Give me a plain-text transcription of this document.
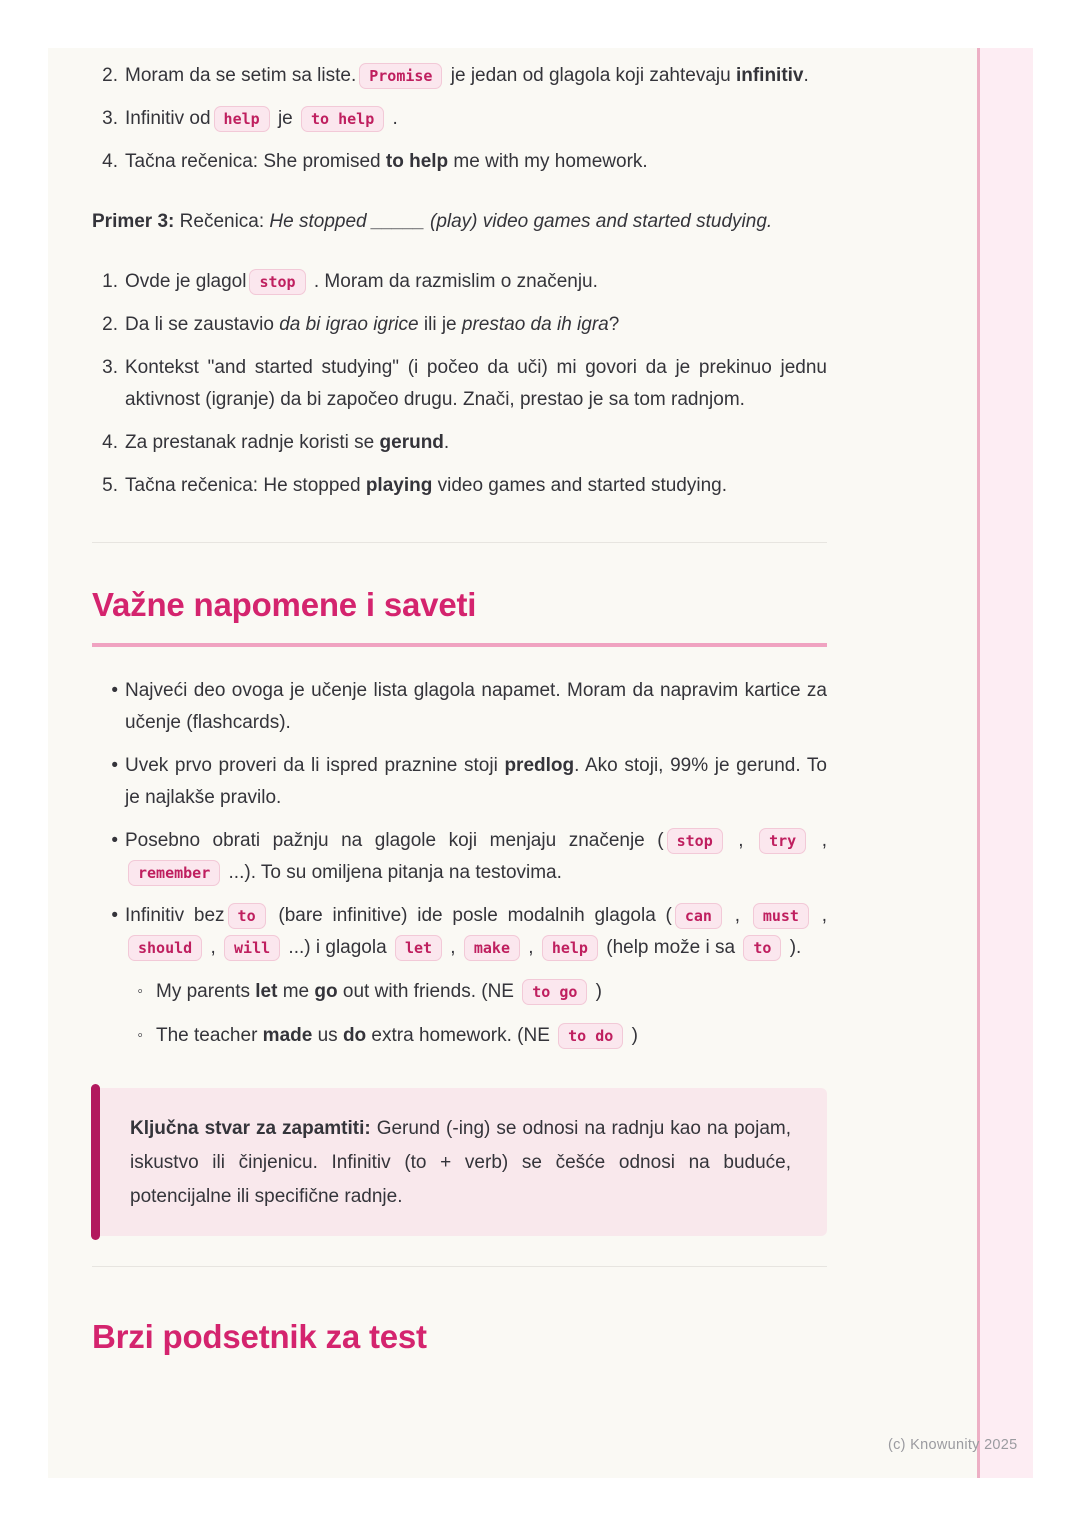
2. Moram da se setim sa liste. Promise je jedan od glagola koji zahtevaju infinitiv.
3. Infinitiv od help je to help .
4. Tačna rečenica: She promised to help me with my homework.
Primer 3: Rečenica: He stopped _____ (play) video games and started studying.
1. Ovde je glagol stop . Moram da razmislim o značenju.
2. Da li se zaustavio da bi igrao igrice ili je prestao da ih igra?
3. Kontekst "and started studying" (i počeo da uči) mi govori da je prekinuo jednu aktivnost (igranje) da bi započeo drugu. Znači, prestao je sa tom radnjom.
4. Za prestanak radnje koristi se gerund.
5. Tačna rečenica: He stopped playing video games and started studying.
Važne napomene i saveti
• Najveći deo ovoga je učenje lista glagola napamet. Moram da napravim kartice za učenje (flashcards).
• Uvek prvo proveri da li ispred praznine stoji predlog. Ako stoji, 99% je gerund. To je najlakše pravilo.
• Posebno obrati pažnju na glagole koji menjaju značenje ( stop , try , remember ...). To su omiljena pitanja na testovima.
• Infinitiv bez to (bare infinitive) ide posle modalnih glagola ( can , must , should , will ...) i glagola let , make , help (help može i sa to ).
◦ My parents let me go out with friends. (NE to go )
◦ The teacher made us do extra homework. (NE to do )
Ključna stvar za zapamtiti: Gerund (-ing) se odnosi na radnju kao na pojam, iskustvo ili činjenicu. Infinitiv (to + verb) se češće odnosi na buduće, potencijalne ili specifične radnje.
Brzi podsetnik za test
(c) Knowunity 2025
